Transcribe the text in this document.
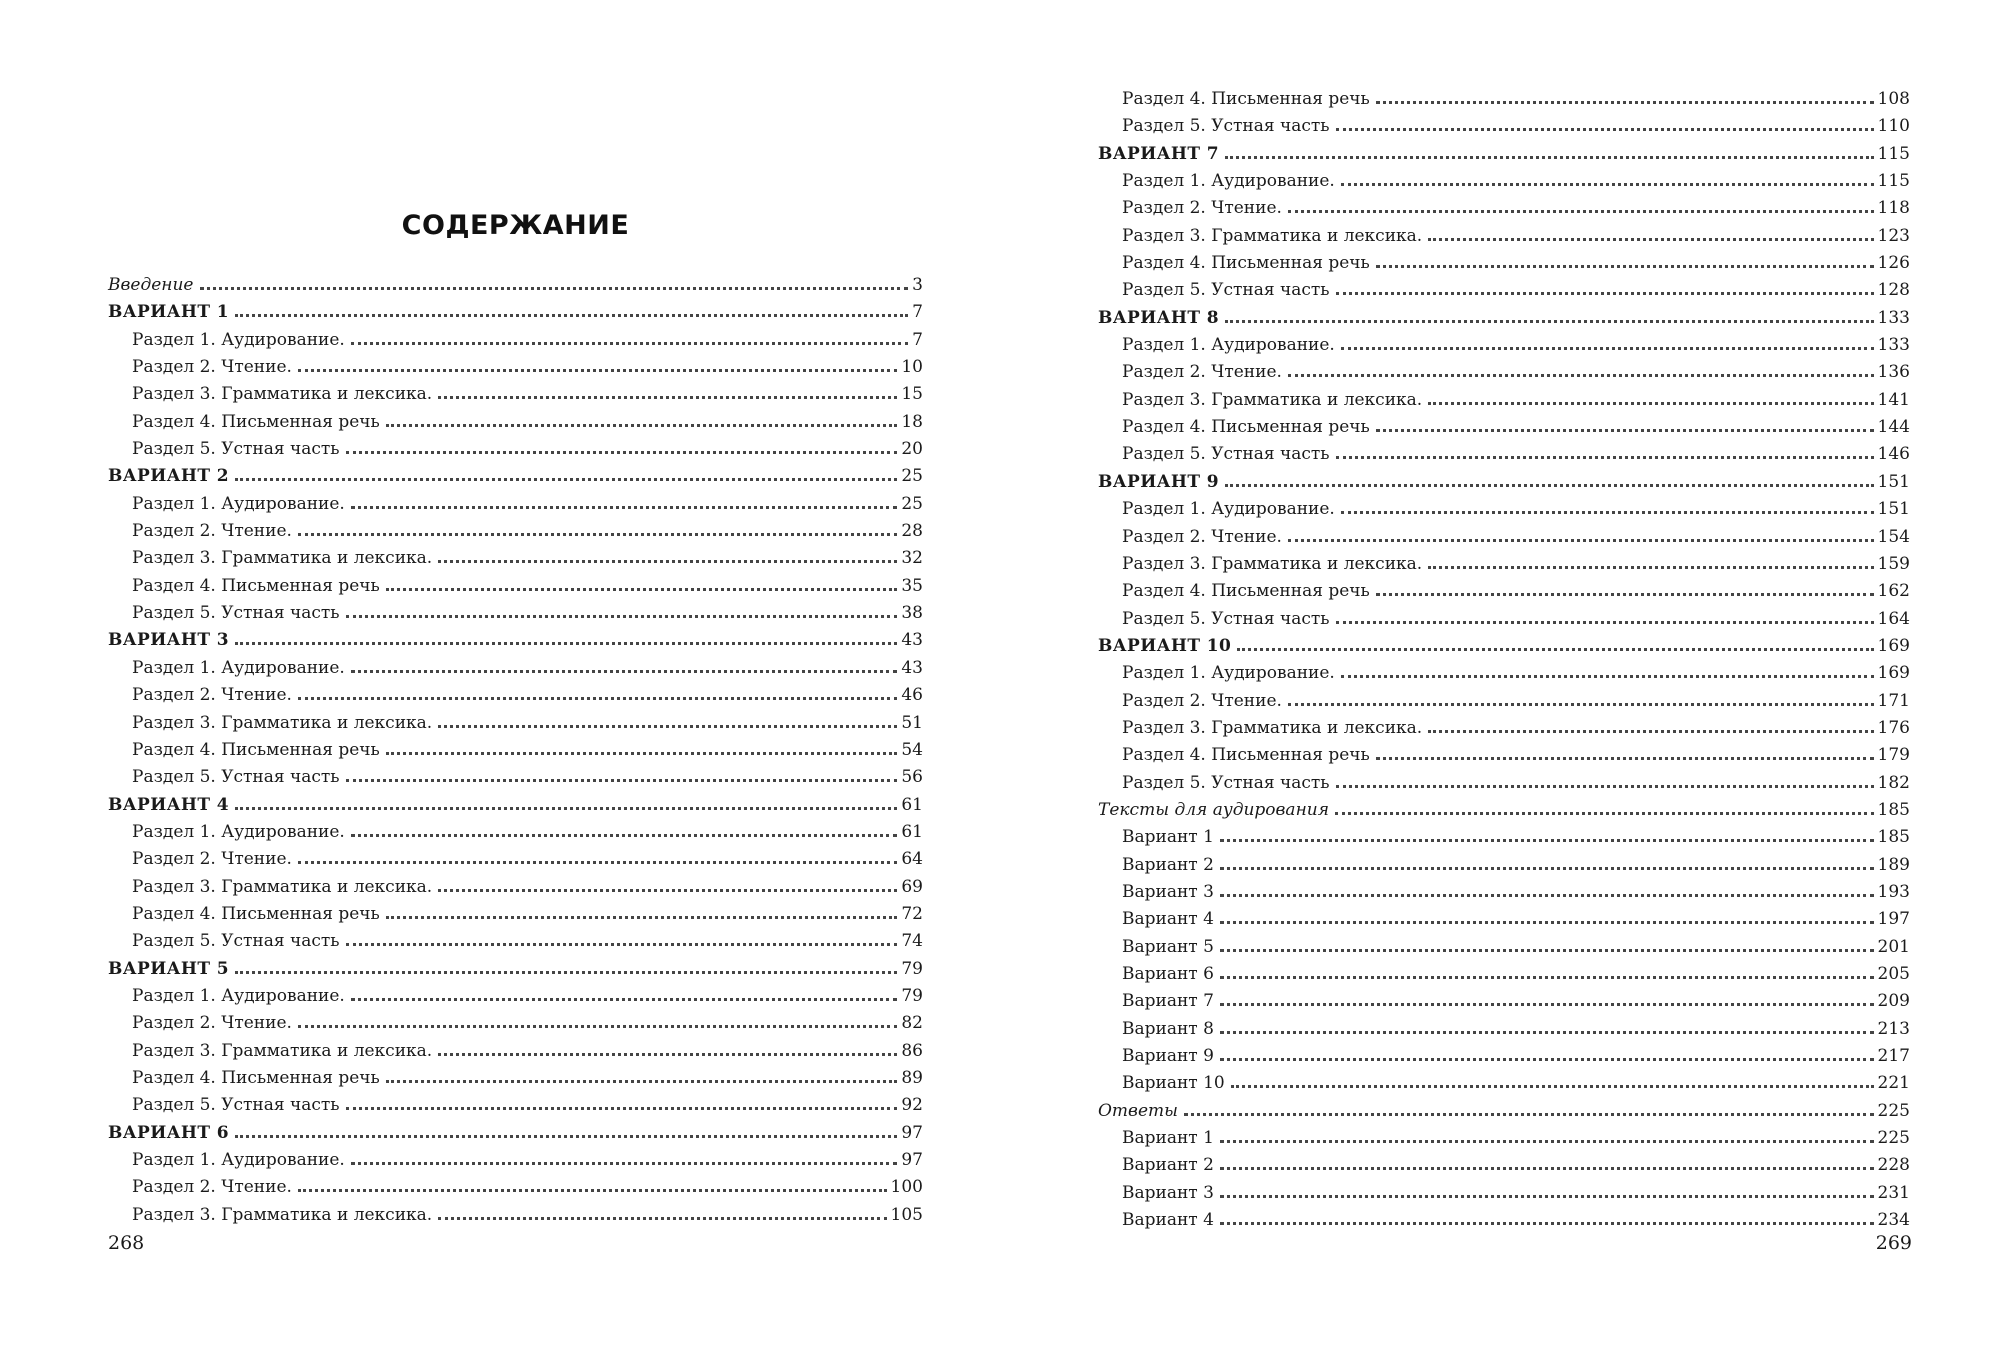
СОДЕРЖАНИЕ
Введение	3
ВАРИАНТ 1	7
Раздел 1. Аудирование.	7
Раздел 2. Чтение.	10
Раздел 3. Грамматика и лексика.	15
Раздел 4. Письменная речь	18
Раздел 5. Устная часть	20
ВАРИАНТ 2	25
Раздел 1. Аудирование.	25
Раздел 2. Чтение.	28
Раздел 3. Грамматика и лексика.	32
Раздел 4. Письменная речь	35
Раздел 5. Устная часть	38
ВАРИАНТ 3	43
Раздел 1. Аудирование.	43
Раздел 2. Чтение.	46
Раздел 3. Грамматика и лексика.	51
Раздел 4. Письменная речь	54
Раздел 5. Устная часть	56
ВАРИАНТ 4	61
Раздел 1. Аудирование.	61
Раздел 2. Чтение.	64
Раздел 3. Грамматика и лексика.	69
Раздел 4. Письменная речь	72
Раздел 5. Устная часть	74
ВАРИАНТ 5	79
Раздел 1. Аудирование.	79
Раздел 2. Чтение.	82
Раздел 3. Грамматика и лексика.	86
Раздел 4. Письменная речь	89
Раздел 5. Устная часть	92
ВАРИАНТ 6	97
Раздел 1. Аудирование.	97
Раздел 2. Чтение.	100
Раздел 3. Грамматика и лексика.	105
268
Раздел 4. Письменная речь	108
Раздел 5. Устная часть	110
ВАРИАНТ 7	115
Раздел 1. Аудирование.	115
Раздел 2. Чтение.	118
Раздел 3. Грамматика и лексика.	123
Раздел 4. Письменная речь	126
Раздел 5. Устная часть	128
ВАРИАНТ 8	133
Раздел 1. Аудирование.	133
Раздел 2. Чтение.	136
Раздел 3. Грамматика и лексика.	141
Раздел 4. Письменная речь	144
Раздел 5. Устная часть	146
ВАРИАНТ 9	151
Раздел 1. Аудирование.	151
Раздел 2. Чтение.	154
Раздел 3. Грамматика и лексика.	159
Раздел 4. Письменная речь	162
Раздел 5. Устная часть	164
ВАРИАНТ 10	169
Раздел 1. Аудирование.	169
Раздел 2. Чтение.	171
Раздел 3. Грамматика и лексика.	176
Раздел 4. Письменная речь	179
Раздел 5. Устная часть	182
Тексты для аудирования	185
Вариант 1	185
Вариант 2	189
Вариант 3	193
Вариант 4	197
Вариант 5	201
Вариант 6	205
Вариант 7	209
Вариант 8	213
Вариант 9	217
Вариант 10	221
Ответы	225
Вариант 1	225
Вариант 2	228
Вариант 3	231
Вариант 4	234
269
